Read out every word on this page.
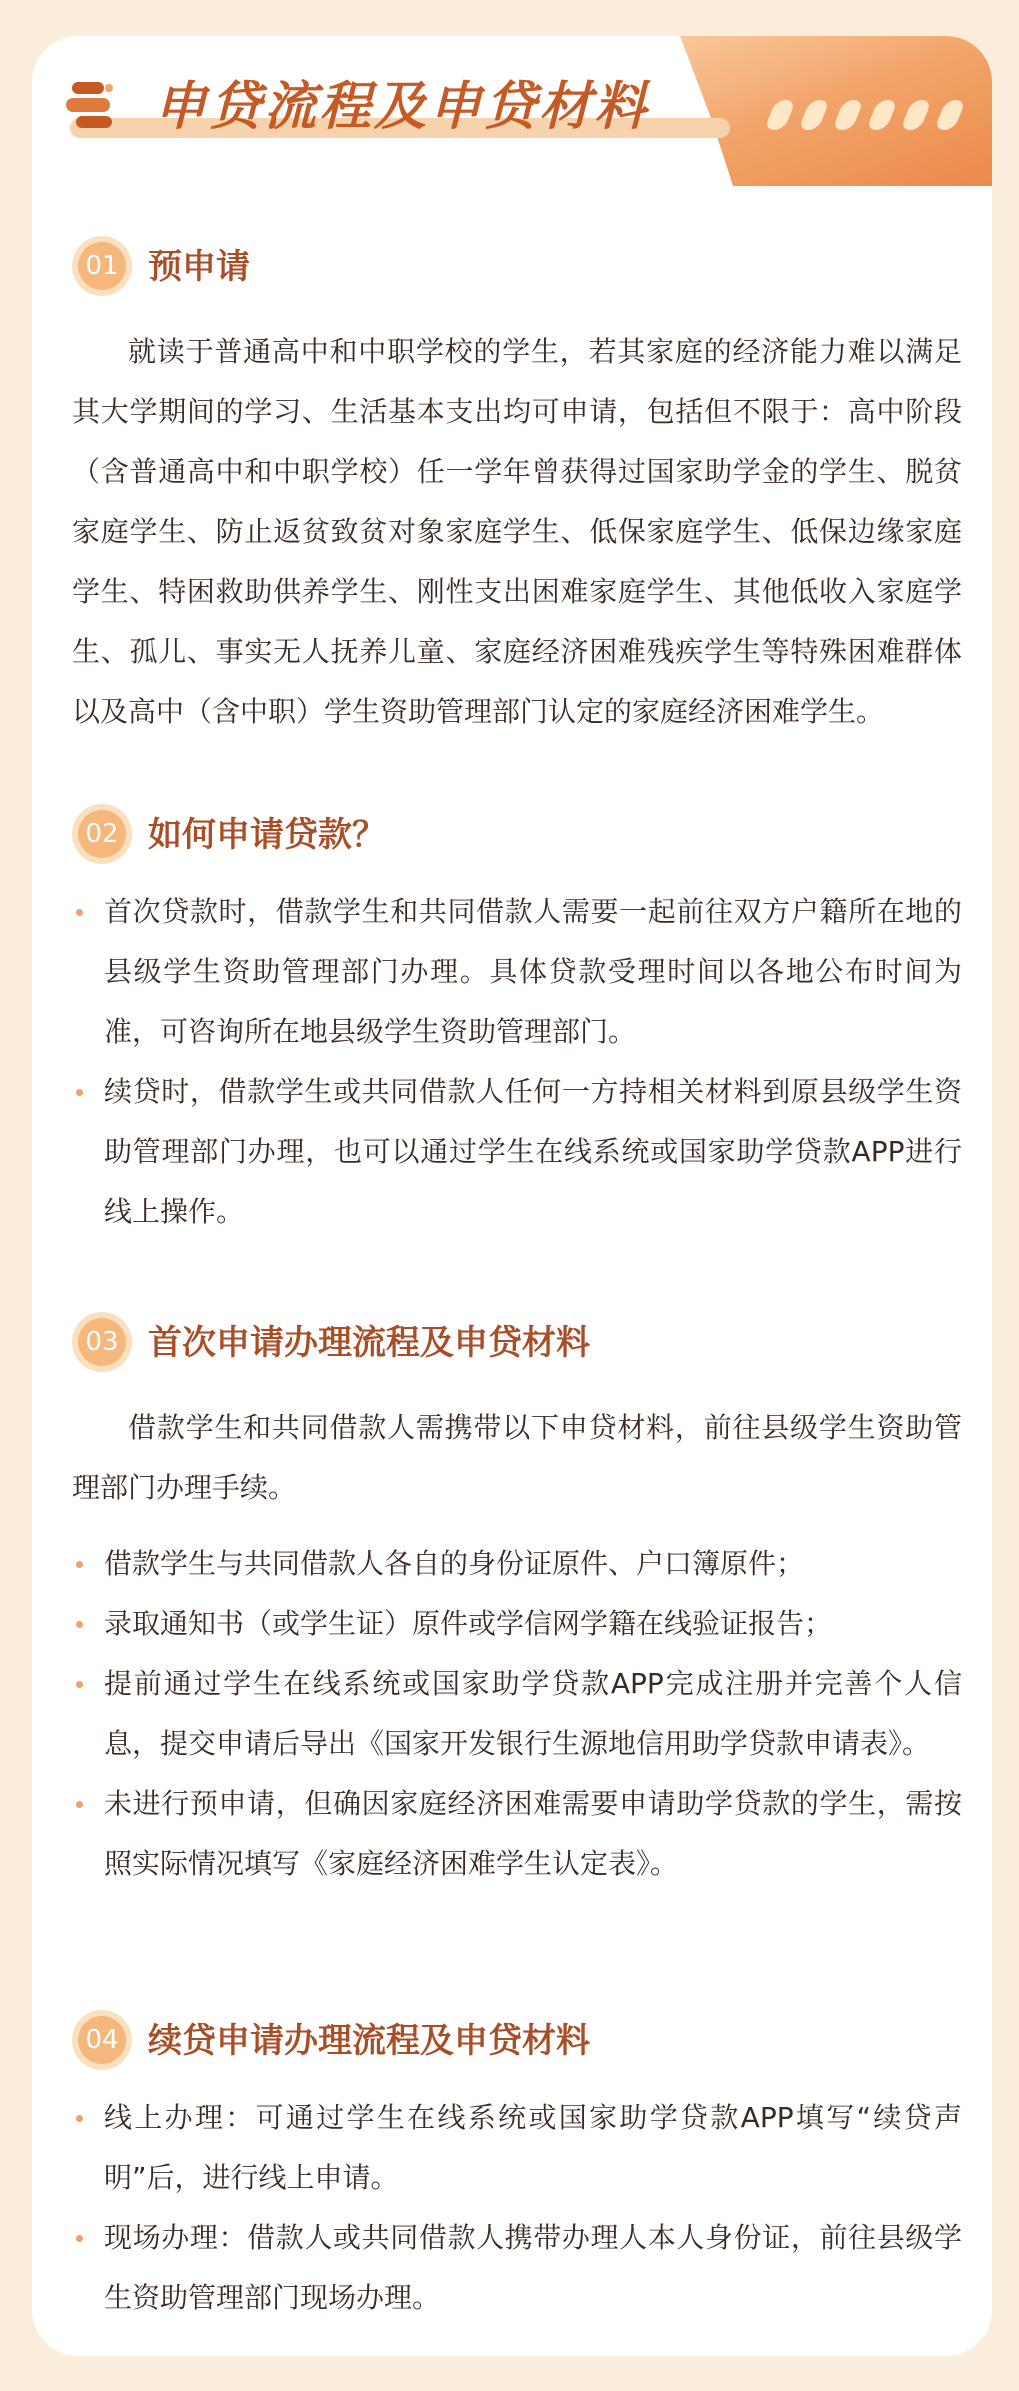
申贷流程及申贷材料
01 预申请

就读于普通高中和中职学校的学生，若其家庭的经济能力难以满足其大学期间的学习、生活基本支出均可申请，包括但不限于：高中阶段（含普通高中和中职学校）任一学年曾获得过国家助学金的学生、脱贫家庭学生、防止返贫致贫对象家庭学生、低保家庭学生、低保边缘家庭学生、特困救助供养学生、刚性支出困难家庭学生、其他低收入家庭学生、孤儿、事实无人抚养儿童、家庭经济困难残疾学生等特殊困难群体以及高中（含中职）学生资助管理部门认定的家庭经济困难学生。

02 如何申请贷款？
首次贷款时，借款学生和共同借款人需要一起前往双方户籍所在地的县级学生资助管理部门办理。具体贷款受理时间以各地公布时间为准，可咨询所在地县级学生资助管理部门。
续贷时，借款学生或共同借款人任何一方持相关材料到原县级学生资助管理部门办理，也可以通过学生在线系统或国家助学贷款APP进行线上操作。
03 首次申请办理流程及申贷材料

借款学生和共同借款人需携带以下申贷材料，前往县级学生资助管理部门办理手续。

借款学生与共同借款人各自的身份证原件、户口簿原件；
录取通知书（或学生证）原件或学信网学籍在线验证报告；
提前通过学生在线系统或国家助学贷款APP完成注册并完善个人信息，提交申请后导出《国家开发银行生源地信用助学贷款申请表》。
未进行预申请，但确因家庭经济困难需要申请助学贷款的学生，需按照实际情况填写《家庭经济困难学生认定表》。
04 续贷申请办理流程及申贷材料
线上办理：可通过学生在线系统或国家助学贷款APP填写“续贷声明”后，进行线上申请。
现场办理：借款人或共同借款人携带办理人本人身份证，前往县级学生资助管理部门现场办理。
